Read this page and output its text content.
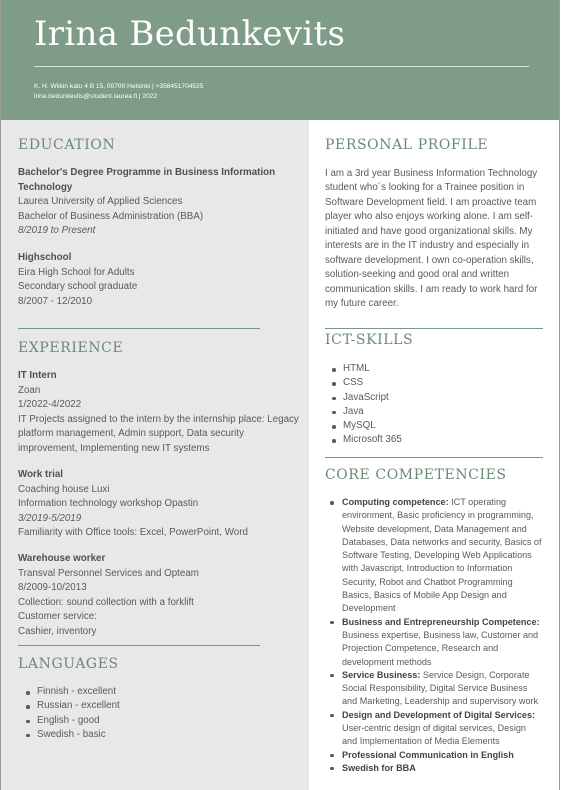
Irina Bedunkevits
K. H. Wiikin katu 4 B 15, 00700 Helsinki | +358451704525
irina.bedunkevits@student.laurea.fi | 2022
EDUCATION

Bachelor's Degree Programme in Business Information Technology

Laurea University of Applied Sciences

Bachelor of Business Administration (BBA)

8/2019 to Present

Highschool

Eira High School for Adults

Secondary school graduate

8/2007 - 12/2010

EXPERIENCE

IT Intern

Zoan

1/2022-4/2022

IT Projects assigned to the intern by the internship place: Legacy platform management, Admin support, Data security improvement, Implementing new IT systems

Work trial

Coaching house Luxi

Information technology workshop Opastin

3/2019-5/2019

Familiarity with Office tools: Excel, PowerPoint, Word

Warehouse worker

Transval Personnel Services and Opteam

8/2009-10/2013

Collection: sound collection with a forklift

Customer service:

Cashier, inventory

LANGUAGES
Finnish - excellent
Russian - excellent
English - good
Swedish - basic
PERSONAL PROFILE

I am a 3rd year Business Information Technology student who´s looking for a Trainee position in Software Development field. I am proactive team player who also enjoys working alone. I am self-initiated and have good organizational skills. My interests are in the IT industry and especially in software development. I own co-operation skills, solution-seeking and good oral and written communication skills. I am ready to work hard for my future career.

ICT-SKILLS
HTML
CSS
JavaScript
Java
MySQL
Microsoft 365
CORE COMPETENCIES
Computing competence: ICT operating environment, Basic proficiency in programming, Website development, Data Management and Databases, Data networks and security, Basics of Software Testing, Developing Web Applications with Javascript, Introduction to Information Security, Robot and Chatbot Programming Basics, Basics of Mobile App Design and Development
Business and Entrepreneurship Competence: Business expertise, Business law, Customer and Projection Competence, Research and development methods
Service Business: Service Design, Corporate Social Responsibility, Digital Service Business and Marketing, Leadership and supervisory work
Design and Development of Digital Services: User-centric design of digital services, Design and Implementation of Media Elements
Professional Communication in English
Swedish for BBA
